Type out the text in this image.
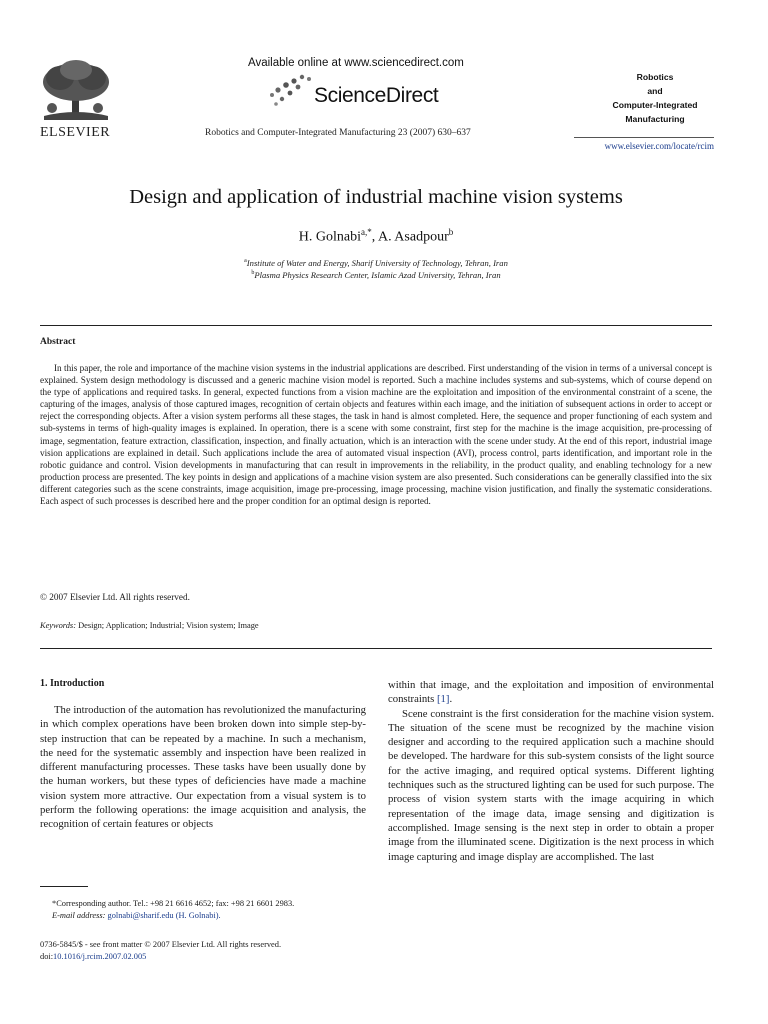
ELSEVIER
Available online at www.sciencedirect.com
ScienceDirect
Robotics and Computer-Integrated Manufacturing 23 (2007) 630–637
Robotics
and
Computer-Integrated
Manufacturing
www.elsevier.com/locate/rcim
Design and application of industrial machine vision systems
H. Golnabi$^{a,*}$, A. Asadpour$^b$
$^a$Institute of Water and Energy, Sharif University of Technology, Tehran, Iran
$^b$Plasma Physics Research Center, Islamic Azad University, Tehran, Iran
Abstract

In this paper, the role and importance of the machine vision systems in the industrial applications are described. First understanding of the vision in terms of a universal concept is explained. System design methodology is discussed and a generic machine vision model is reported. Such a machine includes systems and sub-systems, which of course depend on the type of applications and required tasks. In general, expected functions from a vision machine are the exploitation and imposition of the environmental constraint of a scene, the capturing of the images, analysis of those captured images, recognition of certain objects and features within each image, and the initiation of subsequent actions in order to accept or reject the corresponding objects. After a vision system performs all these stages, the task in hand is almost completed. Here, the sequence and proper functioning of each system and sub-systems in terms of high-quality images is explained. In operation, there is a scene with some constraint, first step for the machine is the image acquisition, pre-processing of image, segmentation, feature extraction, classification, inspection, and finally actuation, which is an interaction with the scene under study. At the end of this report, industrial image vision applications are explained in detail. Such applications include the area of automated visual inspection (AVI), process control, parts identification, and important role in the robotic guidance and control. Vision developments in manufacturing that can result in improvements in the reliability, in the product quality, and enabling technology for a new production process are presented. The key points in design and applications of a machine vision system are also presented. Such considerations can be generally classified into the six different categories such as the scene constraints, image acquisition, image pre-processing, image processing, machine vision justification, and finally the systematic considerations. Each aspect of such processes is described here and the proper condition for an optimal design is reported.

© 2007 Elsevier Ltd. All rights reserved.
Keywords: Design; Application; Industrial; Vision system; Image
1. Introduction

The introduction of the automation has revolutionized the manufacturing in which complex operations have been broken down into simple step-by-step instruction that can be repeated by a machine. In such a mechanism, the need for the systematic assembly and inspection have been realized in different manufacturing processes. These tasks have been usually done by the human workers, but these types of deficiencies have made a machine vision system more attractive. Our expectation from a visual system is to perform the following operations: the image acquisition and analysis, the recognition of certain features or objects

within that image, and the exploitation and imposition of environmental constraints [1].

Scene constraint is the first consideration for the machine vision system. The situation of the scene must be recognized by the machine vision designer and according to the required application such a machine should be developed. The hardware for this sub-system consists of the light source for the active imaging, and required optical systems. Different lighting techniques such as the structured lighting can be used for such purpose. The process of vision system starts with the image acquiring in which representation of the image data, image sensing and digitization is accomplished. Image sensing is the next step in order to obtain a proper image from the illuminated scene. Digitization is the next process in which image capturing and image display are accomplished. The last

*Corresponding author. Tel.: +98 21 6616 4652; fax: +98 21 6601 2983.
E-mail address: golnabi@sharif.edu (H. Golnabi).
0736-5845/$ - see front matter © 2007 Elsevier Ltd. All rights reserved.
doi:10.1016/j.rcim.2007.02.005
